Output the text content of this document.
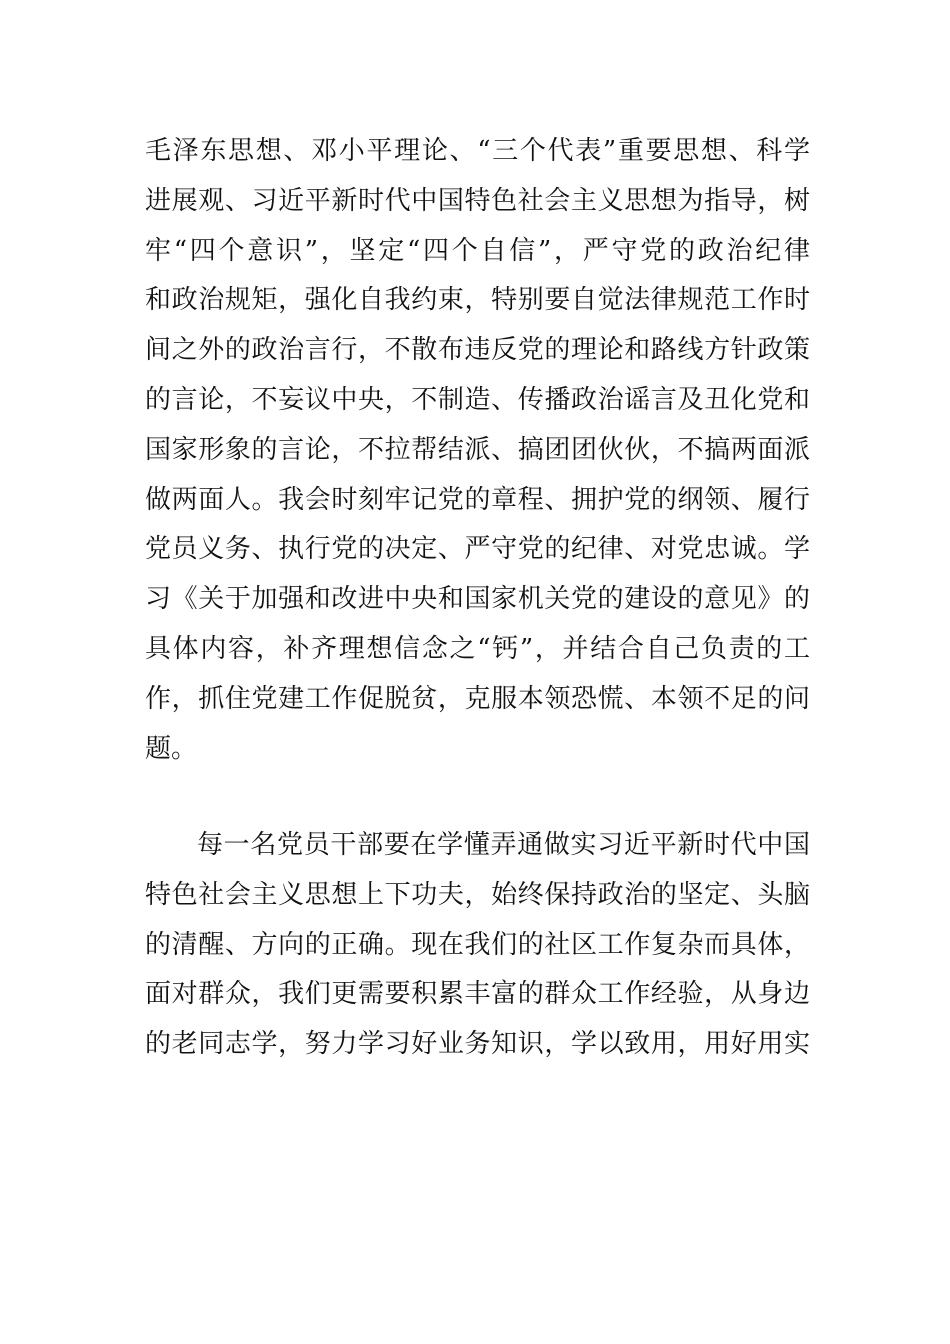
毛泽东思想、邓小平理论、“三个代表”重要思想、科学
进展观、习近平新时代中国特色社会主义思想为指导，树
牢“四个意识”，坚定“四个自信”，严守党的政治纪律
和政治规矩，强化自我约束，特别要自觉法律规范工作时
间之外的政治言行，不散布违反党的理论和路线方针政策
的言论，不妄议中央，不制造、传播政治谣言及丑化党和
国家形象的言论，不拉帮结派、搞团团伙伙，不搞两面派
做两面人。我会时刻牢记党的章程、拥护党的纲领、履行
党员义务、执行党的决定、严守党的纪律、对党忠诚。学
习《关于加强和改进中央和国家机关党的建设的意见》的
具体内容，补齐理想信念之“钙”，并结合自己负责的工
作，抓住党建工作促脱贫，克服本领恐慌、本领不足的问
题。
每一名党员干部要在学懂弄通做实习近平新时代中国
特色社会主义思想上下功夫，始终保持政治的坚定、头脑
的清醒、方向的正确。现在我们的社区工作复杂而具体，
面对群众，我们更需要积累丰富的群众工作经验，从身边
的老同志学，努力学习好业务知识，学以致用，用好用实
